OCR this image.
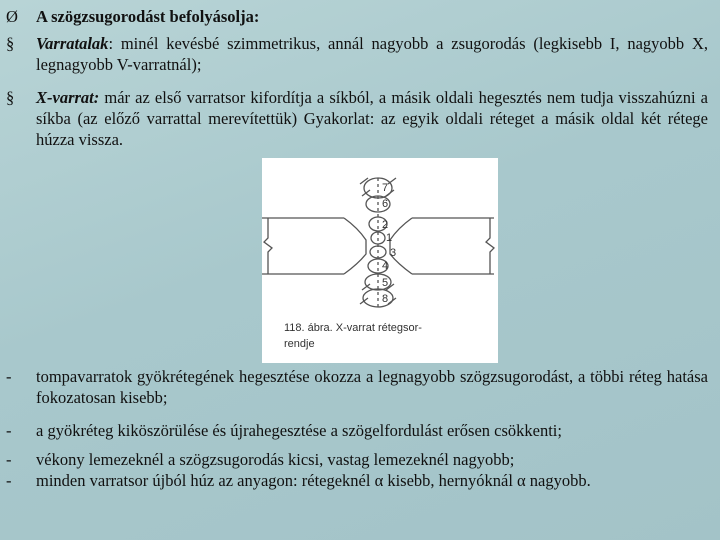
Ø	A szögzsugorodást befolyásolja:
§	Varratalak: minél kevésbé szimmetrikus, annál nagyobb a zsugorodás (legkisebb I, nagyobb X, legnagyobb V-varratnál);
§	X-varrat: már az első varratsor kifordítja a síkból, a másik oldali hegesztés nem tudja visszahúzni a síkba (az előző varrattal merevítettük) Gyakorlat: az egyik oldali réteget a másik oldal két rétege húzza vissza.
7
6
2
1
3
4
5
8
118. ábra. X-varrat rétegsor-
rendje
-	tompavarratok gyökrétegének hegesztése okozza a legnagyobb szögzsugorodást, a többi réteg hatása fokozatosan kisebb;
-	a gyökréteg kiköszörülése és újrahegesztése a szögelfordulást erősen csökkenti;
-	vékony lemezeknél a szögzsugorodás kicsi, vastag lemezeknél nagyobb;
-	minden varratsor újból húz az anyagon: rétegeknél α kisebb, hernyóknál α nagyobb.
